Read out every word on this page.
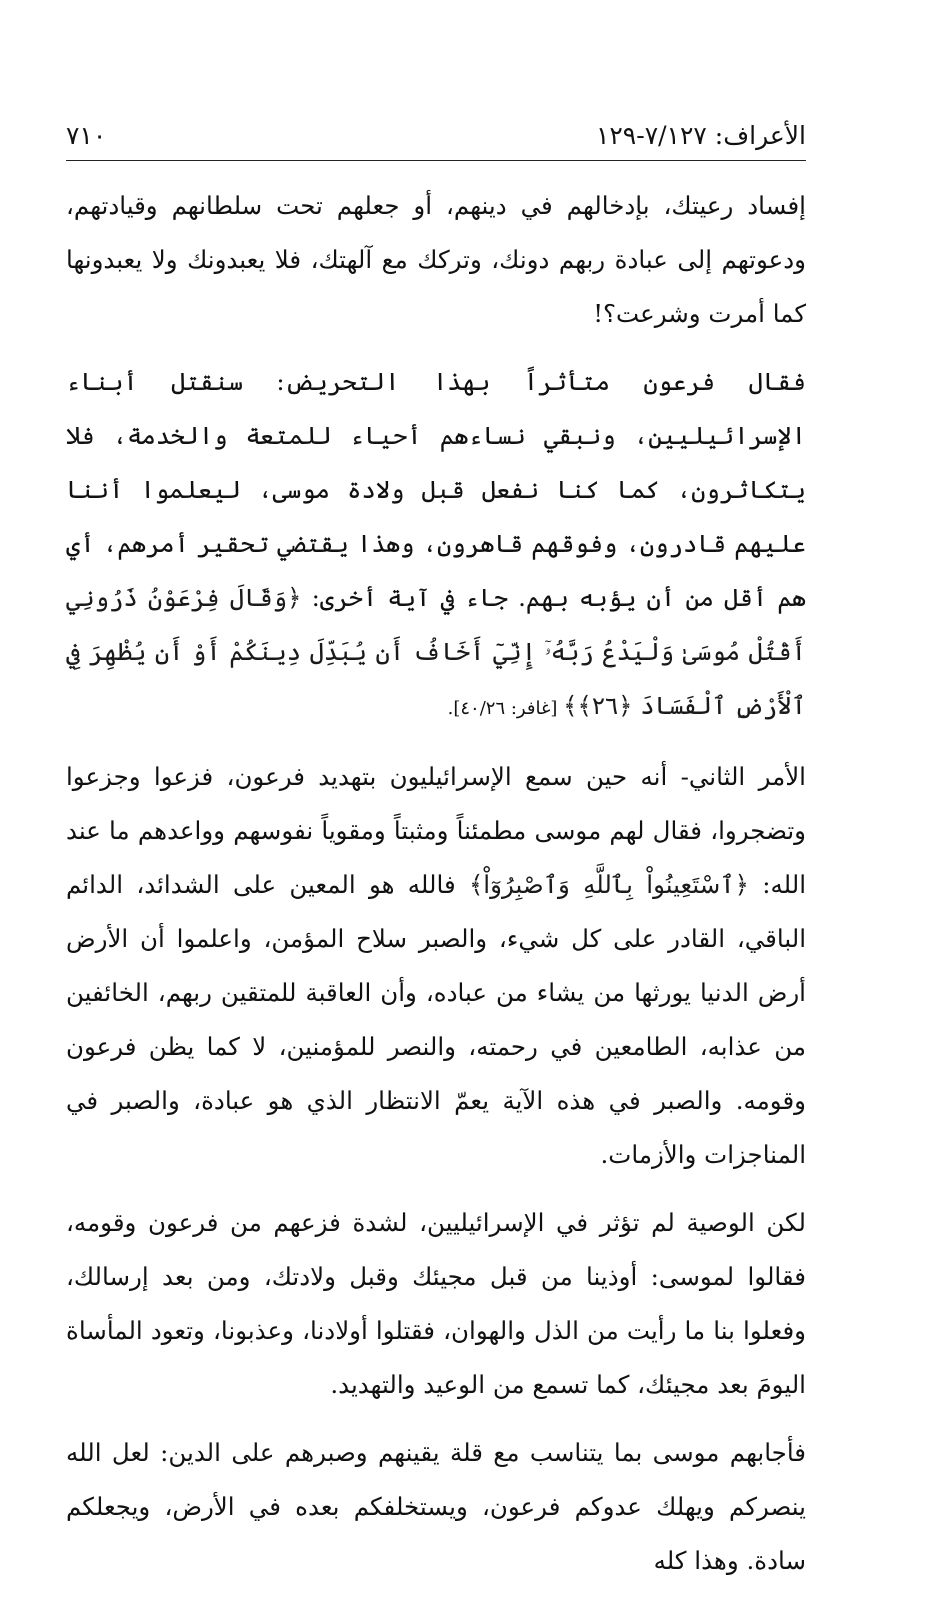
الأعراف: ٧/١٢٧-١٢٩
٧١٠

إفساد رعيتك، بإدخالهم في دينهم، أو جعلهم تحت سلطانهم وقيادتهم، ودعوتهم إلى عبادة ربهم دونك، وتركك مع آلهتك، فلا يعبدونك ولا يعبدونها كما أمرت وشرعت؟!

فقال فرعون متأثراً بهذا التحريض: سنقتل أبناء الإسرائيليين، ونبقي نساءهم أحياء للمتعة والخدمة، فلا يتكاثرون، كما كنا نفعل قبل ولادة موسى، ليعلموا أننا عليهم قادرون، وفوقهم قاهرون، وهذا يقتضي تحقير أمرهم، أي هم أقل من أن يؤبه بهم. جاء في آية أخرى: ﴿وَقَالَ فِرْعَوْنُ ذَرُونِي أَقْتُلْ مُوسَىٰ وَلْيَدْعُ رَبَّهُۥٓ إِنِّيٓ أَخَافُ أَن يُبَدِّلَ دِينَكُمْ أَوْ أَن يُظْهِرَ فِي ٱلْأَرْضِ ٱلْفَسَادَ ﴿٢٦﴾﴾ [غافر: ٤٠/٢٦].

الأمر الثاني- أنه حين سمع الإسرائيليون بتهديد فرعون، فزعوا وجزعوا وتضجروا، فقال لهم موسى مطمئناً ومثبتاً ومقوياً نفوسهم وواعدهم ما عند الله: ﴿ٱسْتَعِينُواْ بِٱللَّهِ وَٱصْبِرُوٓاْ﴾ فالله هو المعين على الشدائد، الدائم الباقي، القادر على كل شيء، والصبر سلاح المؤمن، واعلموا أن الأرض أرض الدنيا يورثها من يشاء من عباده، وأن العاقبة للمتقين ربهم، الخائفين من عذابه، الطامعين في رحمته، والنصر للمؤمنين، لا كما يظن فرعون وقومه. والصبر في هذه الآية يعمّ الانتظار الذي هو عبادة، والصبر في المناجزات والأزمات.

لكن الوصية لم تؤثر في الإسرائيليين، لشدة فزعهم من فرعون وقومه، فقالوا لموسى: أوذينا من قبل مجيئك وقبل ولادتك، ومن بعد إرسالك، وفعلوا بنا ما رأيت من الذل والهوان، فقتلوا أولادنا، وعذبونا، وتعود المأساة اليومَ بعد مجيئك، كما تسمع من الوعيد والتهديد.

فأجابهم موسى بما يتناسب مع قلة يقينهم وصبرهم على الدين: لعل الله ينصركم ويهلك عدوكم فرعون، ويستخلفكم بعده في الأرض، ويجعلكم سادة. وهذا كله
